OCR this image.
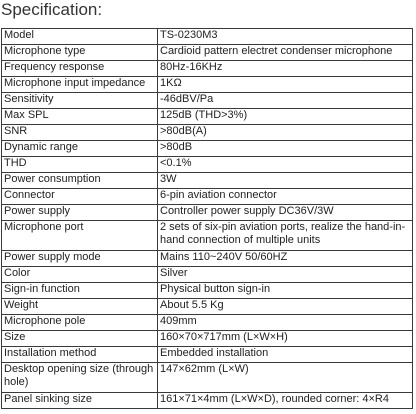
Specification:
Model	TS-0230M3
Microphone type	Cardioid pattern electret condenser microphone
Frequency response	80Hz-16KHz
Microphone input impedance	1KΩ
Sensitivity	-46dBV/Pa
Max SPL	125dB (THD>3%)
SNR	>80dB(A)
Dynamic range	>80dB
THD	<0.1%
Power consumption	3W
Connector	6-pin aviation connector
Power supply	Controller power supply DC36V/3W
Microphone port	2 sets of six-pin aviation ports, realize the hand-in-hand connection of multiple units
Power supply mode	Mains 110~240V 50/60HZ
Color	Silver
Sign-in function	Physical button sign-in
Weight	About 5.5 Kg
Microphone pole	409mm
Size	160×70×717mm (L×W×H)
Installation method	Embedded installation
Desktop opening size (through hole)	147×62mm (L×W)
Panel sinking size	161×71×4mm (L×W×D), rounded corner: 4×R4
